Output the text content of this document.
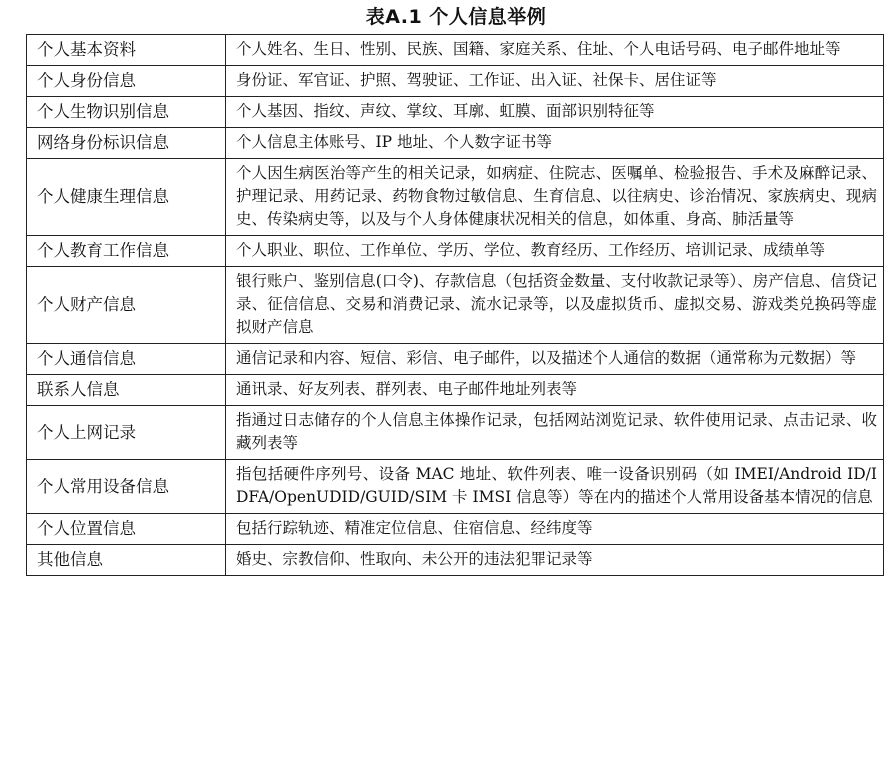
表A.1 个人信息举例
个人基本资料	个人姓名、生日、性别、民族、国籍、家庭关系、住址、个人电话号码、电子邮件地址等
个人身份信息	身份证、军官证、护照、驾驶证、工作证、出入证、社保卡、居住证等
个人生物识别信息	个人基因、指纹、声纹、掌纹、耳廓、虹膜、面部识别特征等
网络身份标识信息	个人信息主体账号、IP 地址、个人数字证书等
个人健康生理信息	个人因生病医治等产生的相关记录，如病症、住院志、医嘱单、检验报告、手术及麻醉记录、护理记录、用药记录、药物食物过敏信息、生育信息、以往病史、诊治情况、家族病史、现病史、传染病史等，以及与个人身体健康状况相关的信息，如体重、身高、肺活量等
个人教育工作信息	个人职业、职位、工作单位、学历、学位、教育经历、工作经历、培训记录、成绩单等
个人财产信息	银行账户、鉴别信息(口令)、存款信息（包括资金数量、支付收款记录等）、房产信息、信贷记录、征信信息、交易和消费记录、流水记录等，以及虚拟货币、虚拟交易、游戏类兑换码等虚拟财产信息
个人通信信息	通信记录和内容、短信、彩信、电子邮件，以及描述个人通信的数据（通常称为元数据）等
联系人信息	通讯录、好友列表、群列表、电子邮件地址列表等
个人上网记录	指通过日志储存的个人信息主体操作记录，包括网站浏览记录、软件使用记录、点击记录、收藏列表等
个人常用设备信息	指包括硬件序列号、设备 MAC 地址、软件列表、唯一设备识别码（如 IMEI/Android ID/IDFA/OpenUDID/GUID/SIM 卡 IMSI 信息等）等在内的描述个人常用设备基本情况的信息
个人位置信息	包括行踪轨迹、精准定位信息、住宿信息、经纬度等
其他信息	婚史、宗教信仰、性取向、未公开的违法犯罪记录等
